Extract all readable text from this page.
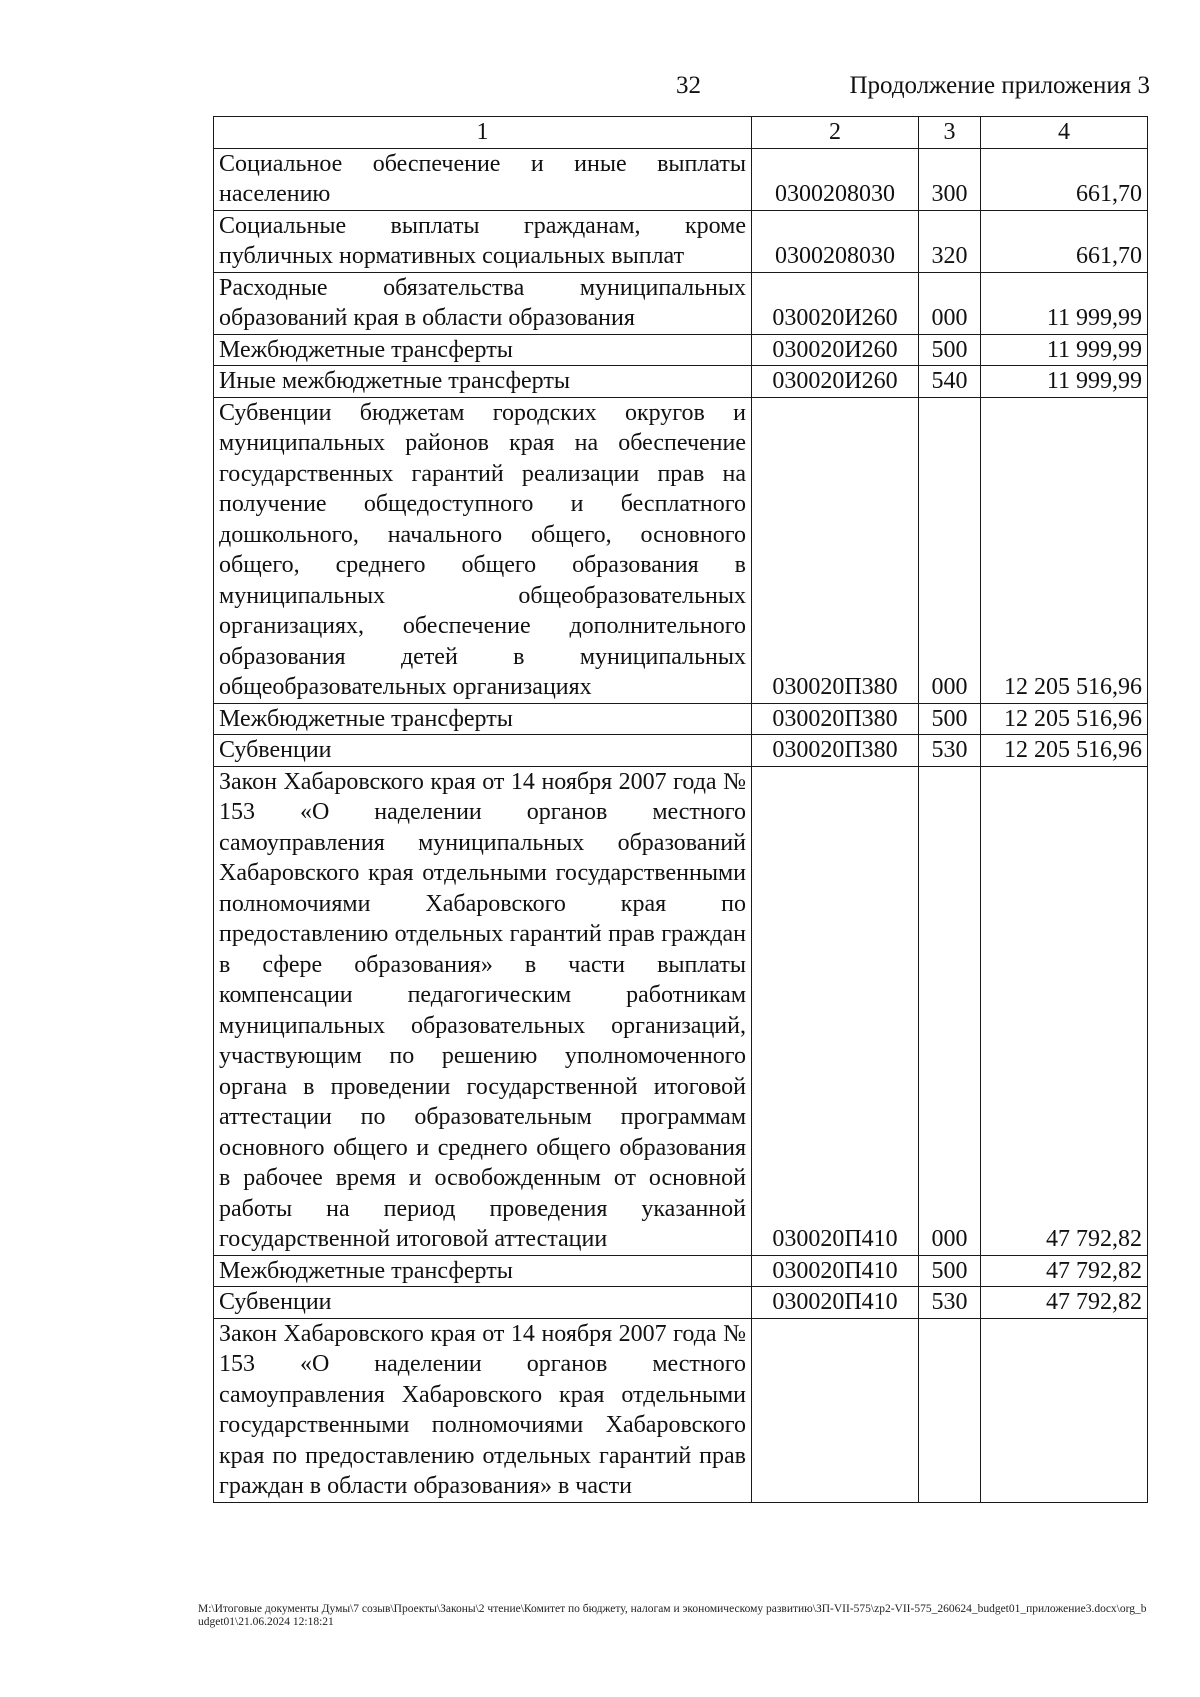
32	Продолжение приложения 3
1	2	3	4
Социальное обеспечение и иные выплаты населению	0300208030	300	661,70
Социальные выплаты гражданам, кроме публичных нормативных социальных выплат	0300208030	320	661,70
Расходные обязательства муниципальных образований края в области образования	030020И260	000	11 999,99
Межбюджетные трансферты	030020И260	500	11 999,99
Иные межбюджетные трансферты	030020И260	540	11 999,99
Субвенции бюджетам городских округов и муниципальных районов края на обеспечение государственных гарантий реализации прав на получение общедоступного и бесплатного дошкольного, начального общего, основного общего, среднего общего образования в муниципальных общеобразовательных организациях, обеспечение дополнительного образования детей в муниципальных общеобразовательных организациях	030020П380	000	12 205 516,96
Межбюджетные трансферты	030020П380	500	12 205 516,96
Субвенции	030020П380	530	12 205 516,96
Закон Хабаровского края от 14 ноября 2007 года № 153 «О наделении органов местного самоуправления муниципальных образований Хабаровского края отдельными государственными полномочиями Хабаровского края по предоставлению отдельных гарантий прав граждан в сфере образования» в части выплаты компенсации педагогическим работникам муниципальных образовательных организаций, участвующим по решению уполномоченного органа в проведении государственной итоговой аттестации по образовательным программам основного общего и среднего общего образования в рабочее время и освобожденным от основной работы на период проведения указанной государственной итоговой аттестации	030020П410	000	47 792,82
Межбюджетные трансферты	030020П410	500	47 792,82
Субвенции	030020П410	530	47 792,82
Закон Хабаровского края от 14 ноября 2007 года № 153 «О наделении органов местного самоуправления Хабаровского края отдельными государственными полномочиями Хабаровского края по предоставлению отдельных гарантий прав граждан в области образования» в части			
M:\Итоговые документы Думы\7 созыв\Проекты\Законы\2 чтение\Комитет по бюджету, налогам и экономическому развитию\ЗП-VII-575\zp2-VII-575_260624_budget01_приложение3.docx\org_budget01\21.06.2024 12:18:21
